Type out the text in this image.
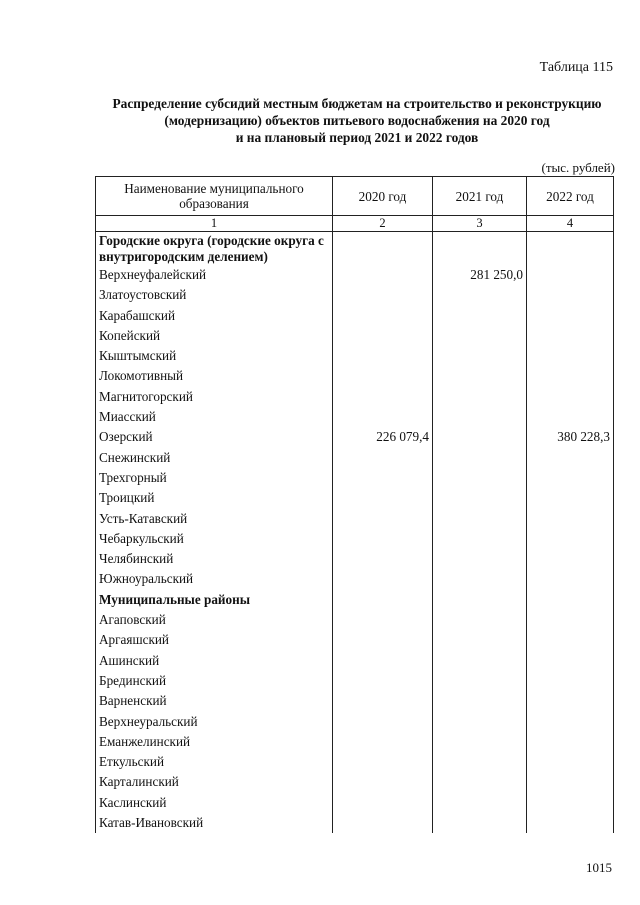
Таблица 115
Распределение субсидий местным бюджетам на строительство и реконструкцию
(модернизацию) объектов питьевого водоснабжения на 2020 год
и на плановый период 2021 и 2022 годов
(тыс. рублей)
Наименование муниципального образования	2020 год	2021 год	2022 год
1	2	3	4
Городские округа (городские округа с внутригородским делением)			
Верхнеуфалейский		281 250,0	
Златоустовский			
Карабашский			
Копейский			
Кыштымский			
Локомотивный			
Магнитогорский			
Миасский			
Озерский	226 079,4		380 228,3
Снежинский			
Трехгорный			
Троицкий			
Усть-Катавский			
Чебаркульский			
Челябинский			
Южноуральский			
Муниципальные районы			
Агаповский			
Аргаяшский			
Ашинский			
Брединский			
Варненский			
Верхнеуральский			
Еманжелинский			
Еткульский			
Карталинский			
Каслинский			
Катав-Ивановский			
1015
